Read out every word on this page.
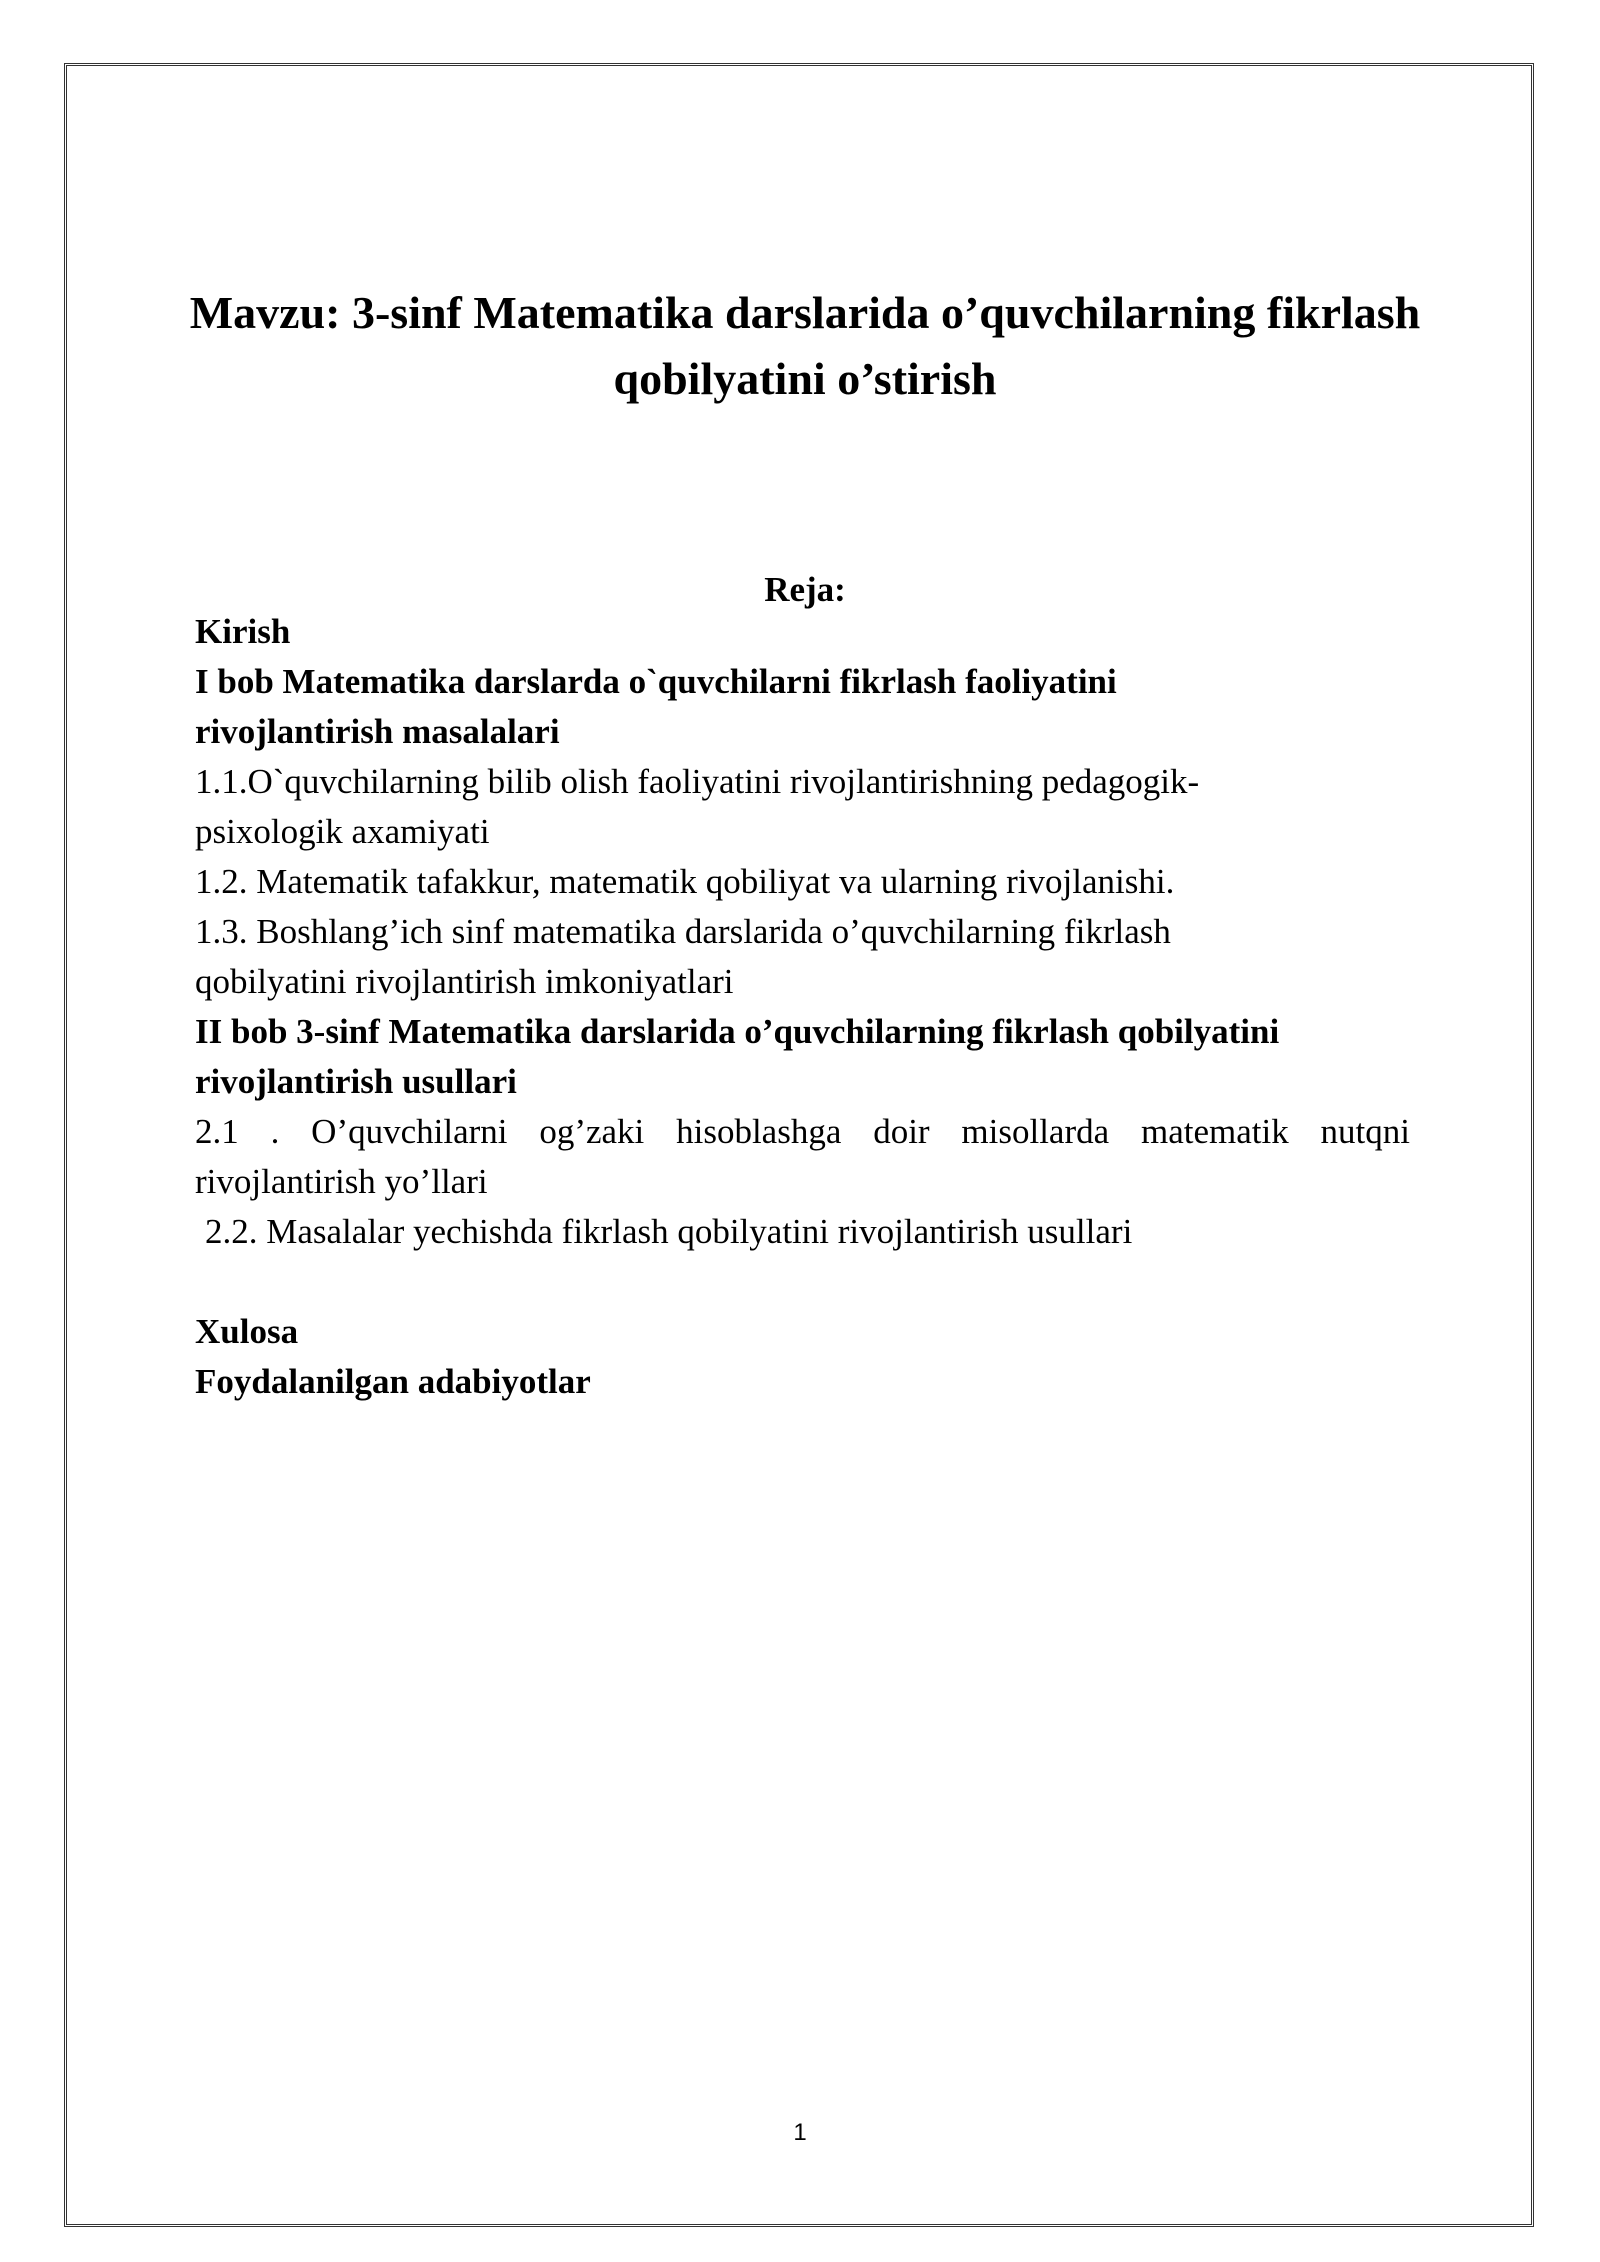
Mavzu: 3-sinf Matematika darslarida o’quvchilarning fikrlash qobilyatini o’stirish
Reja:
Kirish
I bob Matematika darslarda o`quvchilarni fikrlash faoliyatini rivojlantirish masalalari
1.1.O`quvchilarning bilib olish faoliyatini rivojlantirishning pedagogik-psixologik axamiyati
1.2. Matematik tafakkur, matematik qobiliyat va ularning rivojlanishi.
1.3. Boshlang’ich sinf matematika darslarida o’quvchilarning fikrlash qobilyatini rivojlantirish imkoniyatlari
II bob 3-sinf Matematika darslarida o’quvchilarning fikrlash qobilyatini rivojlantirish usullari
2.1 . O’quvchilarni og’zaki hisoblashga doir misollarda matematik nutqni rivojlantirish yo’llari
2.2. Masalalar yechishda fikrlash qobilyatini rivojlantirish usullari
Xulosa
Foydalanilgan adabiyotlar
1
